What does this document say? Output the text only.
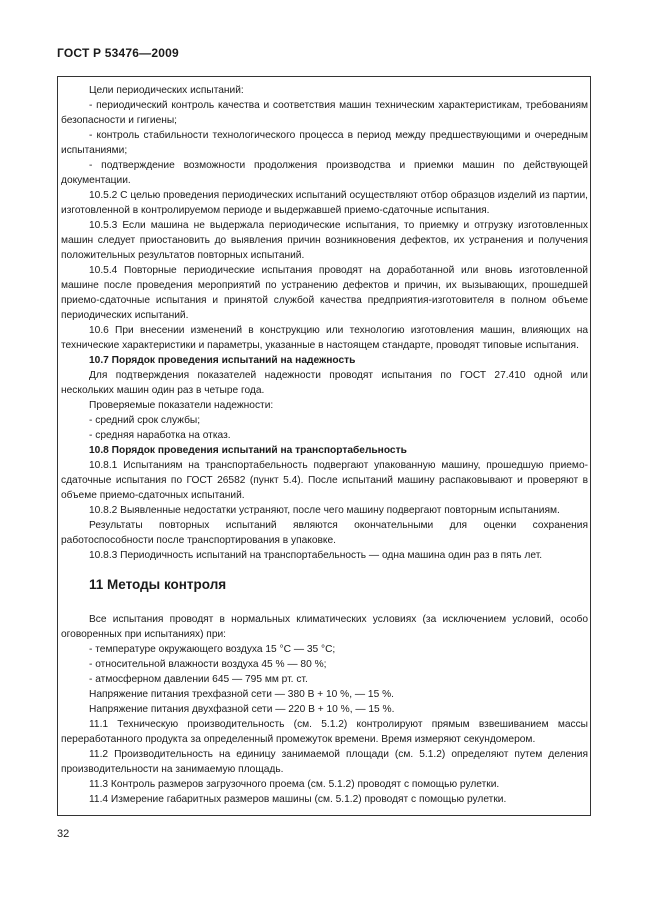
ГОСТ Р 53476—2009

Цели периодических испытаний:

- периодический контроль качества и соответствия машин техническим характеристикам, требованиям безопасности и гигиены;

- контроль стабильности технологического процесса в период между предшествующими и очередным испытаниями;

- подтверждение возможности продолжения производства и приемки машин по действующей документации.

10.5.2 С целью проведения периодических испытаний осуществляют отбор образцов изделий из партии, изготовленной в контролируемом периоде и выдержавшей приемо-сдаточные испытания.

10.5.3 Если машина не выдержала периодические испытания, то приемку и отгрузку изготовленных машин следует приостановить до выявления причин возникновения дефектов, их устранения и получения положительных результатов повторных испытаний.

10.5.4 Повторные периодические испытания проводят на доработанной или вновь изготовленной машине после проведения мероприятий по устранению дефектов и причин, их вызывающих, прошедшей приемо-сдаточные испытания и принятой службой качества предприятия-изготовителя в полном объеме периодических испытаний.

10.6 При внесении изменений в конструкцию или технологию изготовления машин, влияющих на технические характеристики и параметры, указанные в настоящем стандарте, проводят типовые испытания.

10.7 Порядок проведения испытаний на надежность

Для подтверждения показателей надежности проводят испытания по ГОСТ 27.410 одной или нескольких машин один раз в четыре года.

Проверяемые показатели надежности:

- средний срок службы;

- средняя наработка на отказ.

10.8 Порядок проведения испытаний на транспортабельность

10.8.1 Испытаниям на транспортабельность подвергают упакованную машину, прошедшую приемо-сдаточные испытания по ГОСТ 26582 (пункт 5.4). После испытаний машину распаковывают и проверяют в объеме приемо-сдаточных испытаний.

10.8.2 Выявленные недостатки устраняют, после чего машину подвергают повторным испытаниям.

Результаты повторных испытаний являются окончательными для оценки сохранения работоспособности после транспортирования в упаковке.

10.8.3 Периодичность испытаний на транспортабельность — одна машина один раз в пять лет.

11 Методы контроля

Все испытания проводят в нормальных климатических условиях (за исключением условий, особо оговоренных при испытаниях) при:

- температуре окружающего воздуха 15 °С — 35 °С;

- относительной влажности воздуха 45 % — 80 %;

- атмосферном давлении 645 — 795 мм рт. ст.

Напряжение питания трехфазной сети — 380 В + 10 %, — 15 %.

Напряжение питания двухфазной сети — 220 В + 10 %, — 15 %.

11.1 Техническую производительность (см. 5.1.2) контролируют прямым взвешиванием массы переработанного продукта за определенный промежуток времени. Время измеряют секундомером.

11.2 Производительность на единицу занимаемой площади (см. 5.1.2) определяют путем деления производительности на занимаемую площадь.

11.3 Контроль размеров загрузочного проема (см. 5.1.2) проводят с помощью рулетки.

11.4 Измерение габаритных размеров машины (см. 5.1.2) проводят с помощью рулетки.

32
